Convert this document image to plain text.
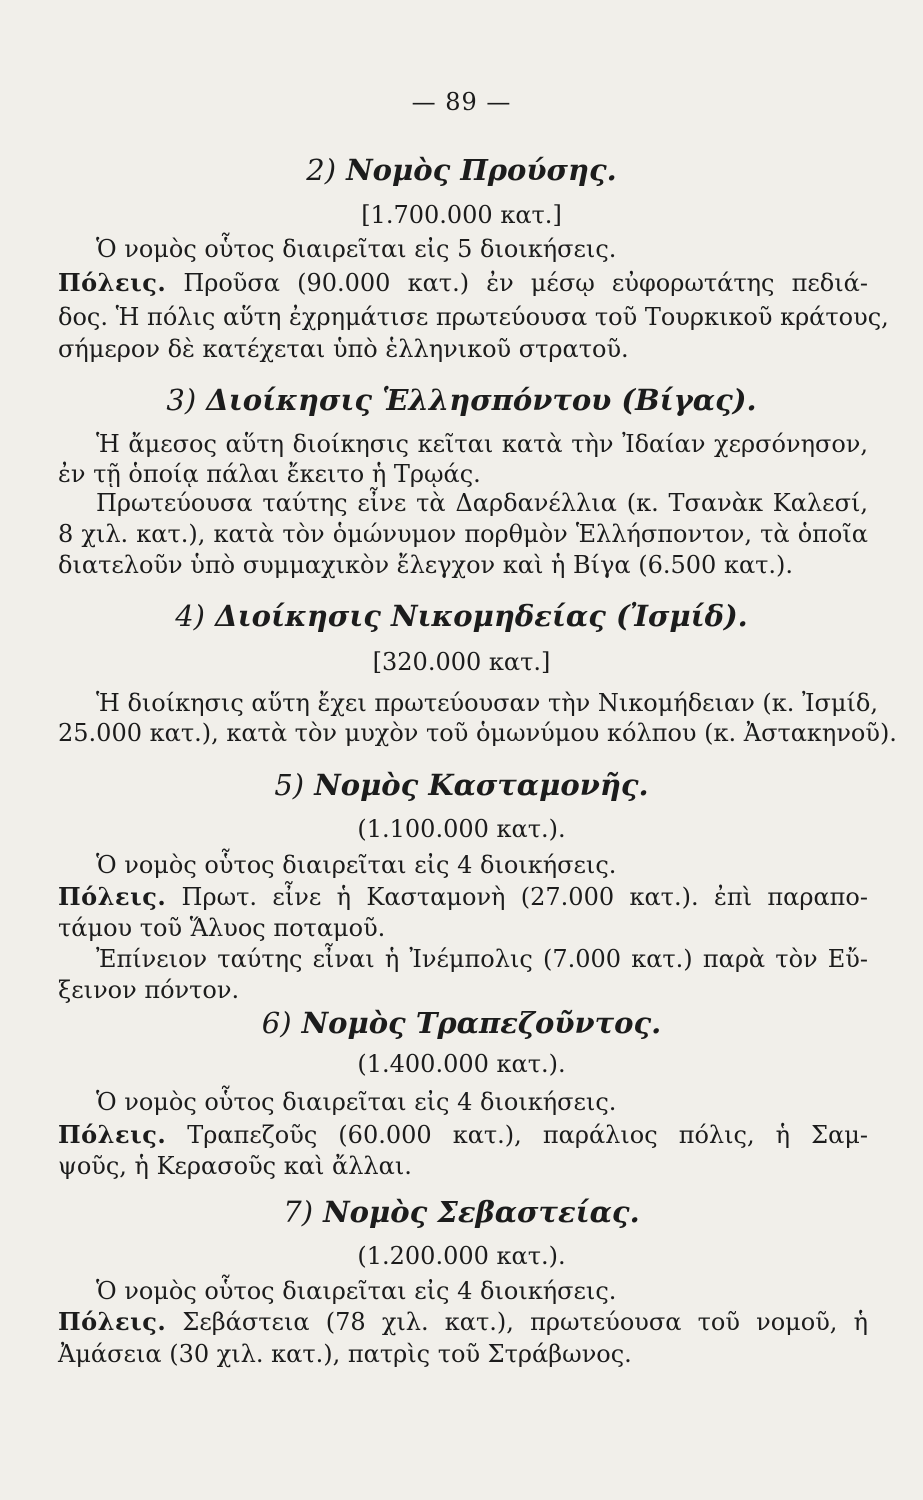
— 89 —
2) Νομὸς Προύσης.
[1.700.000 κατ.]
Ὁ νομὸς οὗτος διαιρεῖται εἰς 5 διοικήσεις.
Πόλεις. Προῦσα (90.000 κατ.) ἐν μέσῳ εὐφορωτάτης πεδιά-
δος. Ἡ πόλις αὕτη ἐχρημάτισε πρωτεύουσα τοῦ Τουρκικοῦ κράτους,
σήμερον δὲ κατέχεται ὑπὸ ἑλληνικοῦ στρατοῦ.
3) Διοίκησις Ἑλλησπόντου (Βίγας).
Ἡ ἄμεσος αὕτη διοίκησις κεῖται κατὰ τὴν Ἰδαίαν χερσόνησον,
ἐν τῇ ὁποίᾳ πάλαι ἔκειτο ἡ Τρῳάς.
Πρωτεύουσα ταύτης εἶνε τὰ Δαρδανέλλια (κ. Τσανὰκ Καλεσί,
8 χιλ. κατ.), κατὰ τὸν ὁμώνυμον πορθμὸν Ἑλλήσποντον, τὰ ὁποῖα
διατελοῦν ὑπὸ συμμαχικὸν ἔλεγχον καὶ ἡ Βίγα (6.500 κατ.).
4) Διοίκησις Νικομηδείας (Ἰσμίδ).
[320.000 κατ.]
Ἡ διοίκησις αὕτη ἔχει πρωτεύουσαν τὴν Νικομήδειαν (κ. Ἰσμίδ,
25.000 κατ.), κατὰ τὸν μυχὸν τοῦ ὁμωνύμου κόλπου (κ. Ἀστακηνοῦ).
5) Νομὸς Κασταμονῆς.
(1.100.000 κατ.).
Ὁ νομὸς οὗτος διαιρεῖται εἰς 4 διοικήσεις.
Πόλεις. Πρωτ. εἶνε ἡ Κασταμονὴ (27.000 κατ.). ἐπὶ παραπο-
τάμου τοῦ Ἅλυος ποταμοῦ.
Ἐπίνειον ταύτης εἶναι ἡ Ἰνέμπολις (7.000 κατ.) παρὰ τὸν Εὔ-
ξεινον πόντον.
6) Νομὸς Τραπεζοῦντος.
(1.400.000 κατ.).
Ὁ νομὸς οὗτος διαιρεῖται εἰς 4 διοικήσεις.
Πόλεις. Τραπεζοῦς (60.000 κατ.), παράλιος πόλις, ἡ Σαμ-
ψοῦς, ἡ Κερασοῦς καὶ ἄλλαι.
7) Νομὸς Σεβαστείας.
(1.200.000 κατ.).
Ὁ νομὸς οὗτος διαιρεῖται εἰς 4 διοικήσεις.
Πόλεις. Σεβάστεια (78 χιλ. κατ.), πρωτεύουσα τοῦ νομοῦ, ἡ
Ἀμάσεια (30 χιλ. κατ.), πατρὶς τοῦ Στράβωνος.
